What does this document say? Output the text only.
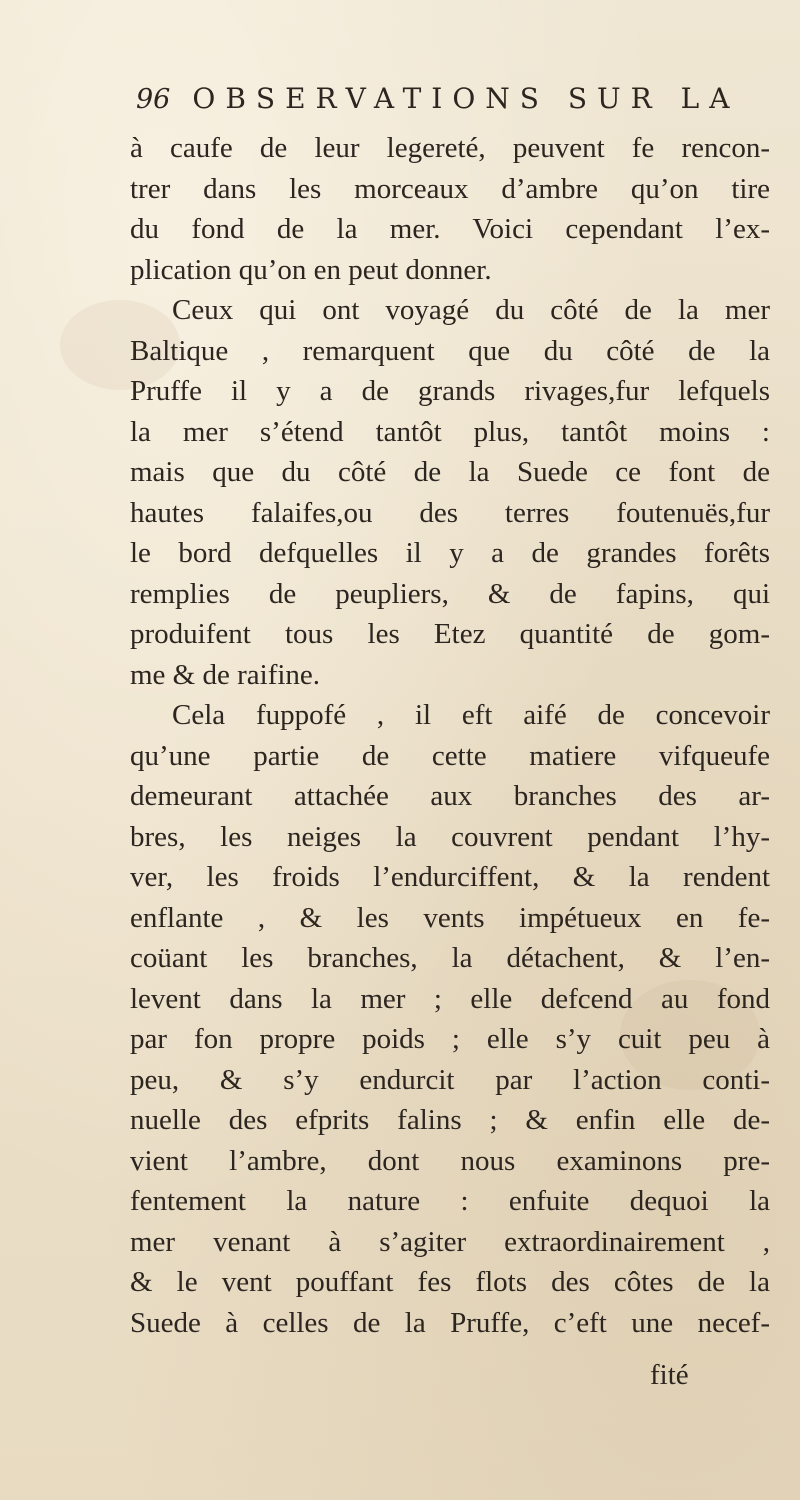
96 OBSERVATIONS SUR LA
à caufe de leur legereté, peuvent fe rencon-
trer dans les morceaux d’ambre qu’on tire
du fond de la mer. Voici cependant l’ex-
plication qu’on en peut donner.
Ceux qui ont voyagé du côté de la mer
Baltique , remarquent que du côté de la
Pruffe il y a de grands rivages,fur lefquels
la mer s’étend tantôt plus, tantôt moins :
mais que du côté de la Suede ce font de
hautes falaifes,ou des terres foutenuës,fur
le bord defquelles il y a de grandes forêts
remplies de peupliers, & de fapins, qui
produifent tous les Etez quantité de gom-
me & de raifine.
Cela fuppofé , il eft aifé de concevoir
qu’une partie de cette matiere vifqueufe
demeurant attachée aux branches des ar-
bres, les neiges la couvrent pendant l’hy-
ver, les froids l’endurciffent, & la rendent
enflante , & les vents impétueux en fe-
coüant les branches, la détachent, & l’en-
levent dans la mer ; elle defcend au fond
par fon propre poids ; elle s’y cuit peu à
peu, & s’y endurcit par l’action conti-
nuelle des efprits falins ; & enfin elle de-
vient l’ambre, dont nous examinons pre-
fentement la nature : enfuite dequoi la
mer venant à s’agiter extraordinairement ,
& le vent pouffant fes flots des côtes de la
Suede à celles de la Pruffe, c’eft une necef-
fité
